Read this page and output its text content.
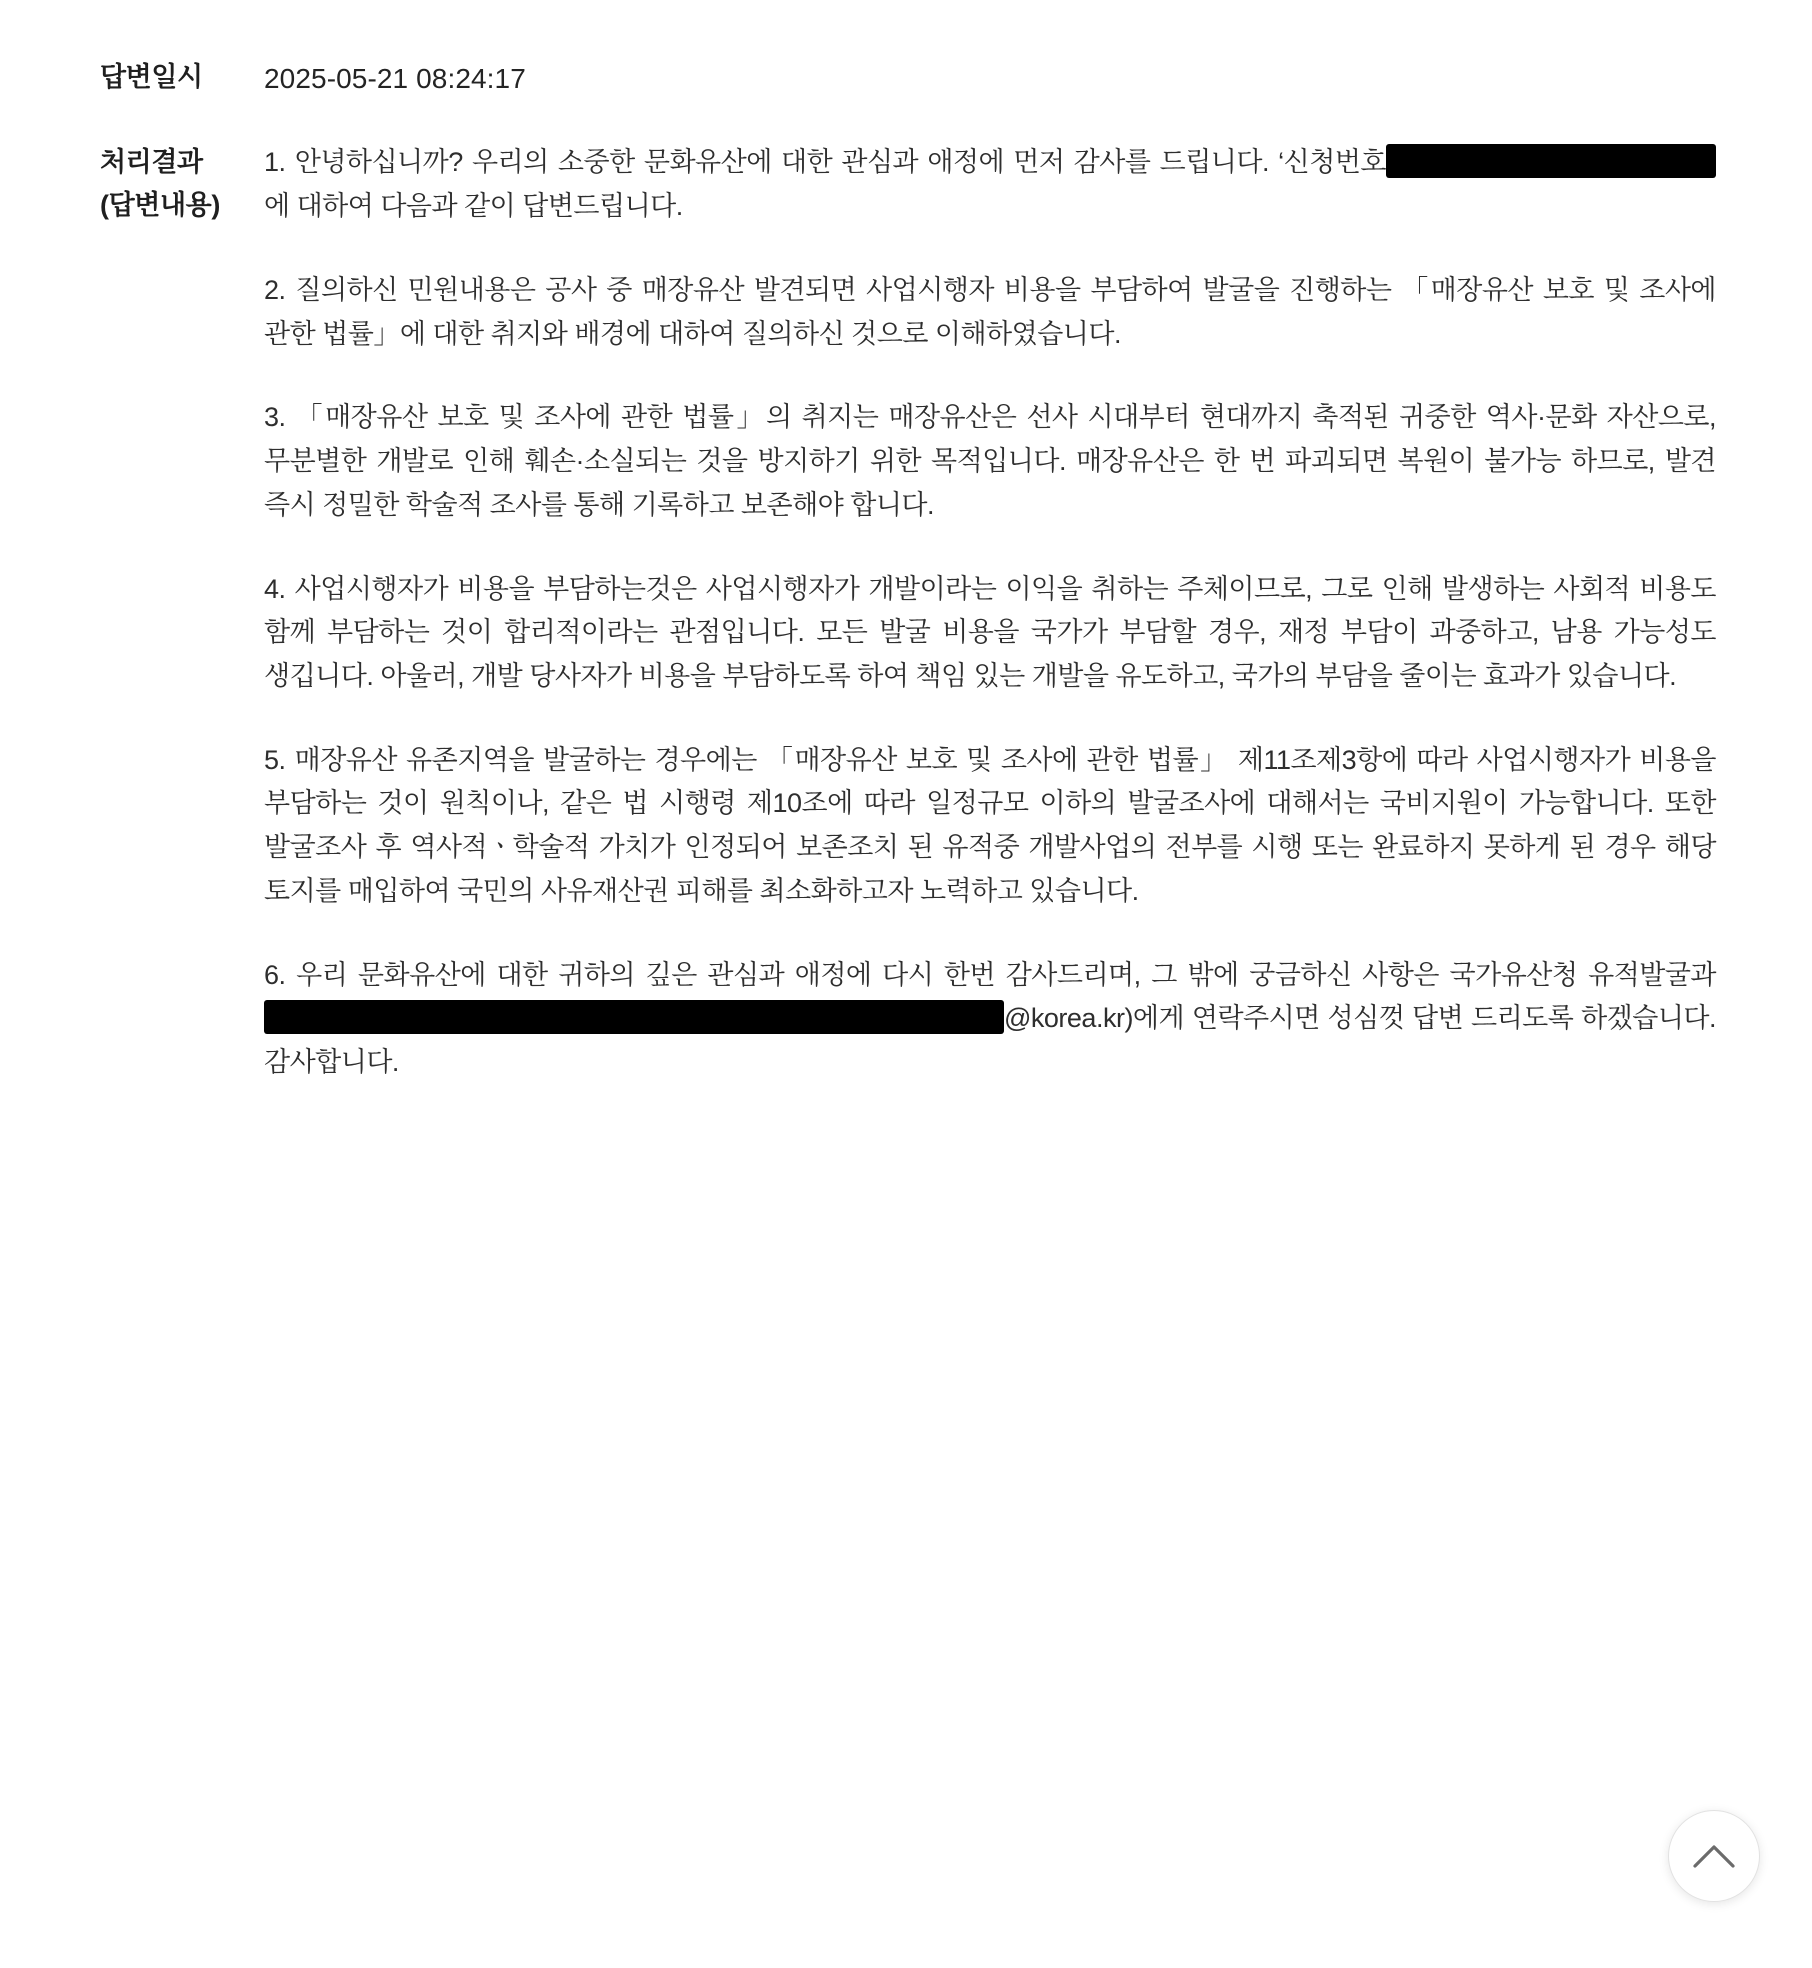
답변일시	2025-05-21 08:24:17
처리결과
(답변내용)

1. 안녕하십니까? 우리의 소중한 문화유산에 대한 관심과 애정에 먼저 감사를 드립니다. ‘신청번호에 대하여 다음과 같이 답변드립니다.

2. 질의하신 민원내용은 공사 중 매장유산 발견되면 사업시행자 비용을 부담하여 발굴을 진행하는 「매장유산 보호 및 조사에 관한 법률」에 대한 취지와 배경에 대하여 질의하신 것으로 이해하였습니다.

3. 「매장유산 보호 및 조사에 관한 법률」의 취지는 매장유산은 선사 시대부터 현대까지 축적된 귀중한 역사·문화 자산으로, 무분별한 개발로 인해 훼손·소실되는 것을 방지하기 위한 목적입니다. 매장유산은 한 번 파괴되면 복원이 불가능 하므로, 발견 즉시 정밀한 학술적 조사를 통해 기록하고 보존해야 합니다.

4. 사업시행자가 비용을 부담하는것은 사업시행자가 개발이라는 이익을 취하는 주체이므로, 그로 인해 발생하는 사회적 비용도 함께 부담하는 것이 합리적이라는 관점입니다. 모든 발굴 비용을 국가가 부담할 경우, 재정 부담이 과중하고, 남용 가능성도 생깁니다. 아울러, 개발 당사자가 비용을 부담하도록 하여 책임 있는 개발을 유도하고, 국가의 부담을 줄이는 효과가 있습니다.

5. 매장유산 유존지역을 발굴하는 경우에는 「매장유산 보호 및 조사에 관한 법률」 제11조제3항에 따라 사업시행자가 비용을 부담하는 것이 원칙이나, 같은 법 시행령 제10조에 따라 일정규모 이하의 발굴조사에 대해서는 국비지원이 가능합니다. 또한 발굴조사 후 역사적ㆍ학술적 가치가 인정되어 보존조치 된 유적중 개발사업의 전부를 시행 또는 완료하지 못하게 된 경우 해당 토지를 매입하여 국민의 사유재산권 피해를 최소화하고자 노력하고 있습니다.

6. 우리 문화유산에 대한 귀하의 깊은 관심과 애정에 다시 한번 감사드리며, 그 밖에 궁금하신 사항은 국가유산청 유적발굴과@korea.kr)에게 연락주시면 성심껏 답변 드리도록 하겠습니다. 감사합니다.
